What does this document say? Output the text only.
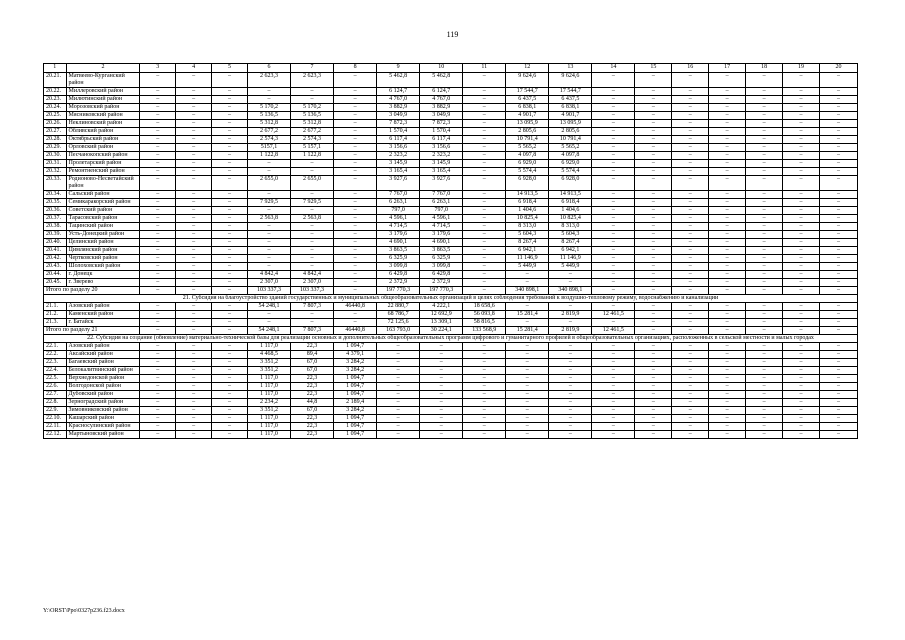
119
1	2	3	4	5	6	7	8	9	10	11	12	13	14	15	16	17	18	19	20
20.21.	Матвеево-Курганский район	–	–	–	2 623,3	2 623,3	–	5 462,8	5 462,8	–	9 624,6	9 624,6	–	–	–	–	–	–	–
20.22.	Миллеровский район	–	–	–	–	–	–	6 124,7	6 124,7	–	17 544,7	17 544,7	–	–	–	–	–	–	–
20.23.	Милютинский район	–	–	–	–	–	–	4 767,0	4 767,0	–	6 437,5	6 437,5	–	–	–	–	–	–	–
20.24.	Морозовский район	–	–	–	5 170,2	5 170,2	–	3 882,9	3 882,9	–	6 838,1	6 838,1	–	–	–	–	–	–	–
20.25.	Мясниковский район	–	–	–	5 136,5	5 136,5	–	3 049,9	3 049,9	–	4 901,7	4 901,7	–	–	–	–	–	–	–
20.26.	Неклиновский район	–	–	–	5 312,8	5 312,8	–	7 872,3	7 872,3	–	13 095,9	13 095,9	–	–	–	–	–	–	–
20.27.	Обливский район	–	–	–	2 677,2	2 677,2	–	1 570,4	1 570,4	–	2 805,6	2 805,6	–	–	–	–	–	–	–
20.28.	Октябрьский район	–	–	–	2 574,3	2 574,3	–	6 117,4	6 117,4	–	10 791,4	10 791,4	–	–	–	–	–	–	–
20.29.	Орловский район	–	–	–	5157,1	5 157,1	–	3 156,6	3 156,6	–	5 565,2	5 565,2	–	–	–	–	–	–	–
20.30.	Песчанокопский район	–	–	–	1 122,8	1 122,8	–	2 323,2	2 323,2	–	4 097,8	4 097,8	–	–	–	–	–	–	–
20.31.	Пролетарский район	–	–	–	–	–	–	3 145,9	3 145,9	–	6 929,0	6 929,0	–	–	–	–	–	–	–
20.32.	Ремонтненский район	–	–	–	–	–	–	3 165,4	3 165,4	–	5 574,4	5 574,4	–	–	–	–	–	–	–
20.33.	Родионово-Несветайский район	–	–	–	2 655,0	2 655,0	–	3 927,6	3 927,6	–	6 928,0	6 928,0	–	–	–	–	–	–	–
20.34.	Сальский район	–	–	–	–	–	–	7 767,0	7 767,0	–	14 913,5	14 913,5	–	–	–	–	–	–	–
20.35.	Семикаракорский район	–	–	–	7 929,5	7 929,5	–	6 263,1	6 263,1	–	6 918,4	6 918,4	–	–	–	–	–	–	–
20.36.	Советский район	–	–	–	–	–	–	797,0	797,0	–	1 404,6	1 404,6	–	–	–	–	–	–	–
20.37.	Тарасовский район	–	–	–	2 563,8	2 563,8	–	4 596,1	4 596,1	–	10 825,4	10 825,4	–	–	–	–	–	–	–
20.38.	Тацинский район	–	–	–	–	–	–	4 714,5	4 714,5	–	8 313,0	8 313,0	–	–	–	–	–	–	–
20.39.	Усть-Донецкий район	–	–	–	–	–	–	3 179,6	3 179,6	–	5 604,3	5 604,3	–	–	–	–	–	–	–
20.40.	Целинский район	–	–	–	–	–	–	4 690,1	4 690,1	–	8 267,4	8 267,4	–	–	–	–	–	–	–
20.41.	Цимлянский район	–	–	–	–	–	–	3 863,5	3 863,5	–	6 942,1	6 942,1	–	–	–	–	–	–	–
20.42.	Чертковский район	–	–	–	–	–	–	6 325,9	6 325,9	–	11 146,9	11 146,9	–	–	–	–	–	–	–
20.43.	Шолоховский район	–	–	–	–	–	–	3 099,8	3 099,8	–	5 449,9	5 449,9	–	–	–	–	–	–	–
20.44.	г. Донецк	–	–	–	4 842,4	4 842,4	–	6 429,8	6 429,8	–	–	–	–	–	–	–	–	–	–
20.45.	г. Зверево	–	–	–	2 307,0	2 307,0	–	2 372,9	2 372,9	–	–	–	–	–	–	–	–	–	–
Итого по разделу 20		–	–	–	103 337,3	103 337,3	–	197 770,3	197 770,3	–	340 898,1	340 898,1	–	–	–	–	–	–	–
21. Субсидия на благоустройство зданий государственных и муниципальных общеобразовательных организаций в целях соблюдения требований к воздушно-тепловому режиму, водоснабжению и канализации																			
21.1.	Азовский район	–	–	–	54 248,1	7 807,3	46440,8	22 880,7	4 222,1	18 658,6	–	–	–	–	–	–	–	–	–
21.2.	Каменский район	–	–	–	–	–	–	68 786,7	12 692,9	56 093,8	15 281,4	2 819,9	12 461,5	–	–	–	–	–	–
21.3.	г. Батайск	–	–	–	–	–	–	72 125,6	13 309,1	58 816,5	–	–	–	–	–	–	–	–	–
Итого по разделу 21		–	–	–	54 248,1	7 807,3	46440,8	163 793,0	30 224,1	133 568,9	15 281,4	2 819,9	12 461,5	–	–	–	–	–	–
22. Субсидия на создание (обновление) материально-технической базы для реализации основных и дополнительных общеобразовательных программ цифрового и гуманитарного профилей в общеобразовательных организациях, расположенных в сельской местности и малых городах																			
22.1.	Азовский район	–	–	–	1 117,0	22,3	1 094,7	–	–	–	–	–	–	–	–	–	–	–	–
22.2.	Аксайский район	–	–	–	4 468,5	89,4	4 379,1	–	–	–	–	–	–	–	–	–	–	–	–
22.3.	Багаевский район	–	–	–	3 351,2	67,0	3 284,2	–	–	–	–	–	–	–	–	–	–	–	–
22.4.	Белокалитвинский район	–	–	–	3 351,2	67,0	3 284,2	–	–	–	–	–	–	–	–	–	–	–	–
22.5.	Верхнедонской район	–	–	–	1 117,0	22,3	1 094,7	–	–	–	–	–	–	–	–	–	–	–	–
22.6.	Волгодонской район	–	–	–	1 117,0	22,3	1 094,7	–	–	–	–	–	–	–	–	–	–	–	–
22.7.	Дубовский район	–	–	–	1 117,0	22,3	1 094,7	–	–	–	–	–	–	–	–	–	–	–	–
22.8.	Зерноградский район	–	–	–	2 234,2	44,8	2 189,4	–	–	–	–	–	–	–	–	–	–	–	–
22.9.	Зимовниковский район	–	–	–	3 351,2	67,0	3 284,2	–	–	–	–	–	–	–	–	–	–	–	–
22.10.	Кашарский район	–	–	–	1 117,0	22,3	1 094,7	–	–	–	–	–	–	–	–	–	–	–	–
22.11.	Красносулинский район	–	–	–	1 117,0	22,3	1 094,7	–	–	–	–	–	–	–	–	–	–	–	–
22.12.	Мартыновский район	–	–	–	1 117,0	22,3	1 094,7	–	–	–	–	–	–	–	–	–	–	–	–
Y:\ORST\Ppo\0327p236.f23.docx
